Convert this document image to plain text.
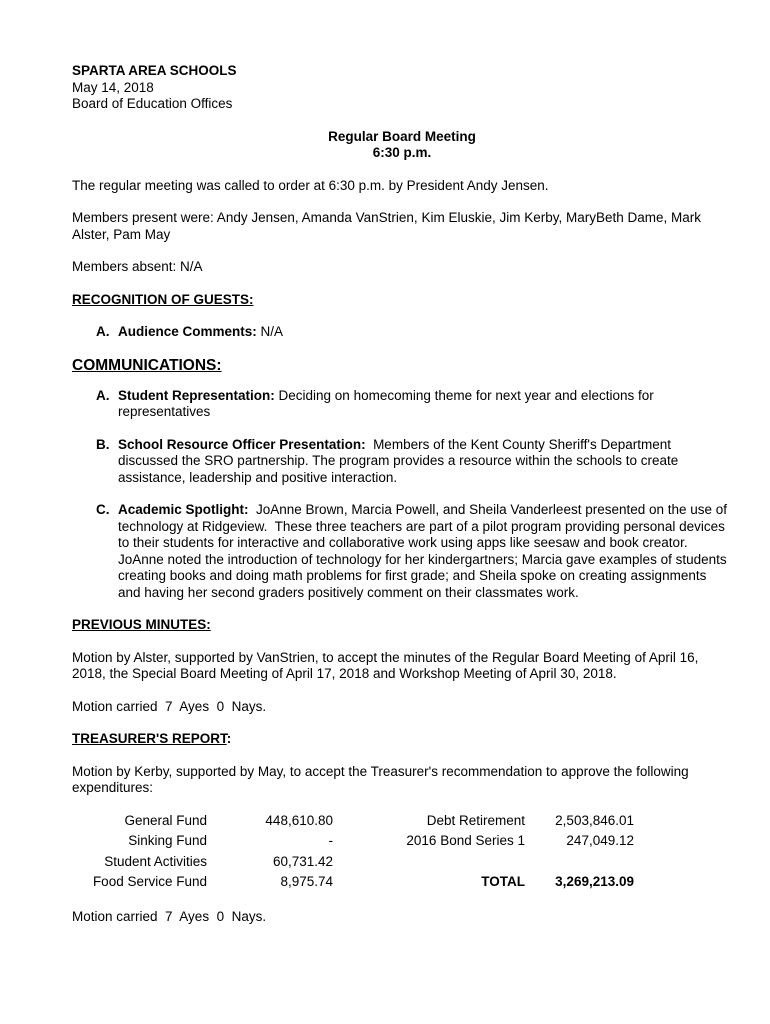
SPARTA AREA SCHOOLS

May 14, 2018

Board of Education Offices

Regular Board Meeting

6:30 p.m.

The regular meeting was called to order at 6:30 p.m. by President Andy Jensen.

Members present were: Andy Jensen, Amanda VanStrien, Kim Eluskie, Jim Kerby, MaryBeth Dame, Mark Alster, Pam May

Members absent: N/A

RECOGNITION OF GUESTS:

A. Audience Comments: N/A

COMMUNICATIONS:

A. Student Representation: Deciding on homecoming theme for next year and elections for representatives
B. School Resource Officer Presentation:  Members of the Kent County Sheriff's Department discussed the SRO partnership. The program provides a resource within the schools to create assistance, leadership and positive interaction.
C. Academic Spotlight:  JoAnne Brown, Marcia Powell, and Sheila Vanderleest presented on the use of technology at Ridgeview.  These three teachers are part of a pilot program providing personal devices to their students for interactive and collaborative work using apps like seesaw and book creator.  JoAnne noted the introduction of technology for her kindergartners; Marcia gave examples of students creating books and doing math problems for first grade; and Sheila spoke on creating assignments and having her second graders positively comment on their classmates work.

PREVIOUS MINUTES:

Motion by Alster, supported by VanStrien, to accept the minutes of the Regular Board Meeting of April 16, 2018, the Special Board Meeting of April 17, 2018 and Workshop Meeting of April 30, 2018.

Motion carried  7  Ayes  0  Nays.

TREASURER'S REPORT:

Motion by Kerby, supported by May, to accept the Treasurer's recommendation to approve the following expenditures:

General Fund	448,610.80	Debt Retirement	2,503,846.01
Sinking Fund	-	2016 Bond Series 1	247,049.12
Student Activities	60,731.42		
Food Service Fund	8,975.74	TOTAL	3,269,213.09

Motion carried  7  Ayes  0  Nays.
